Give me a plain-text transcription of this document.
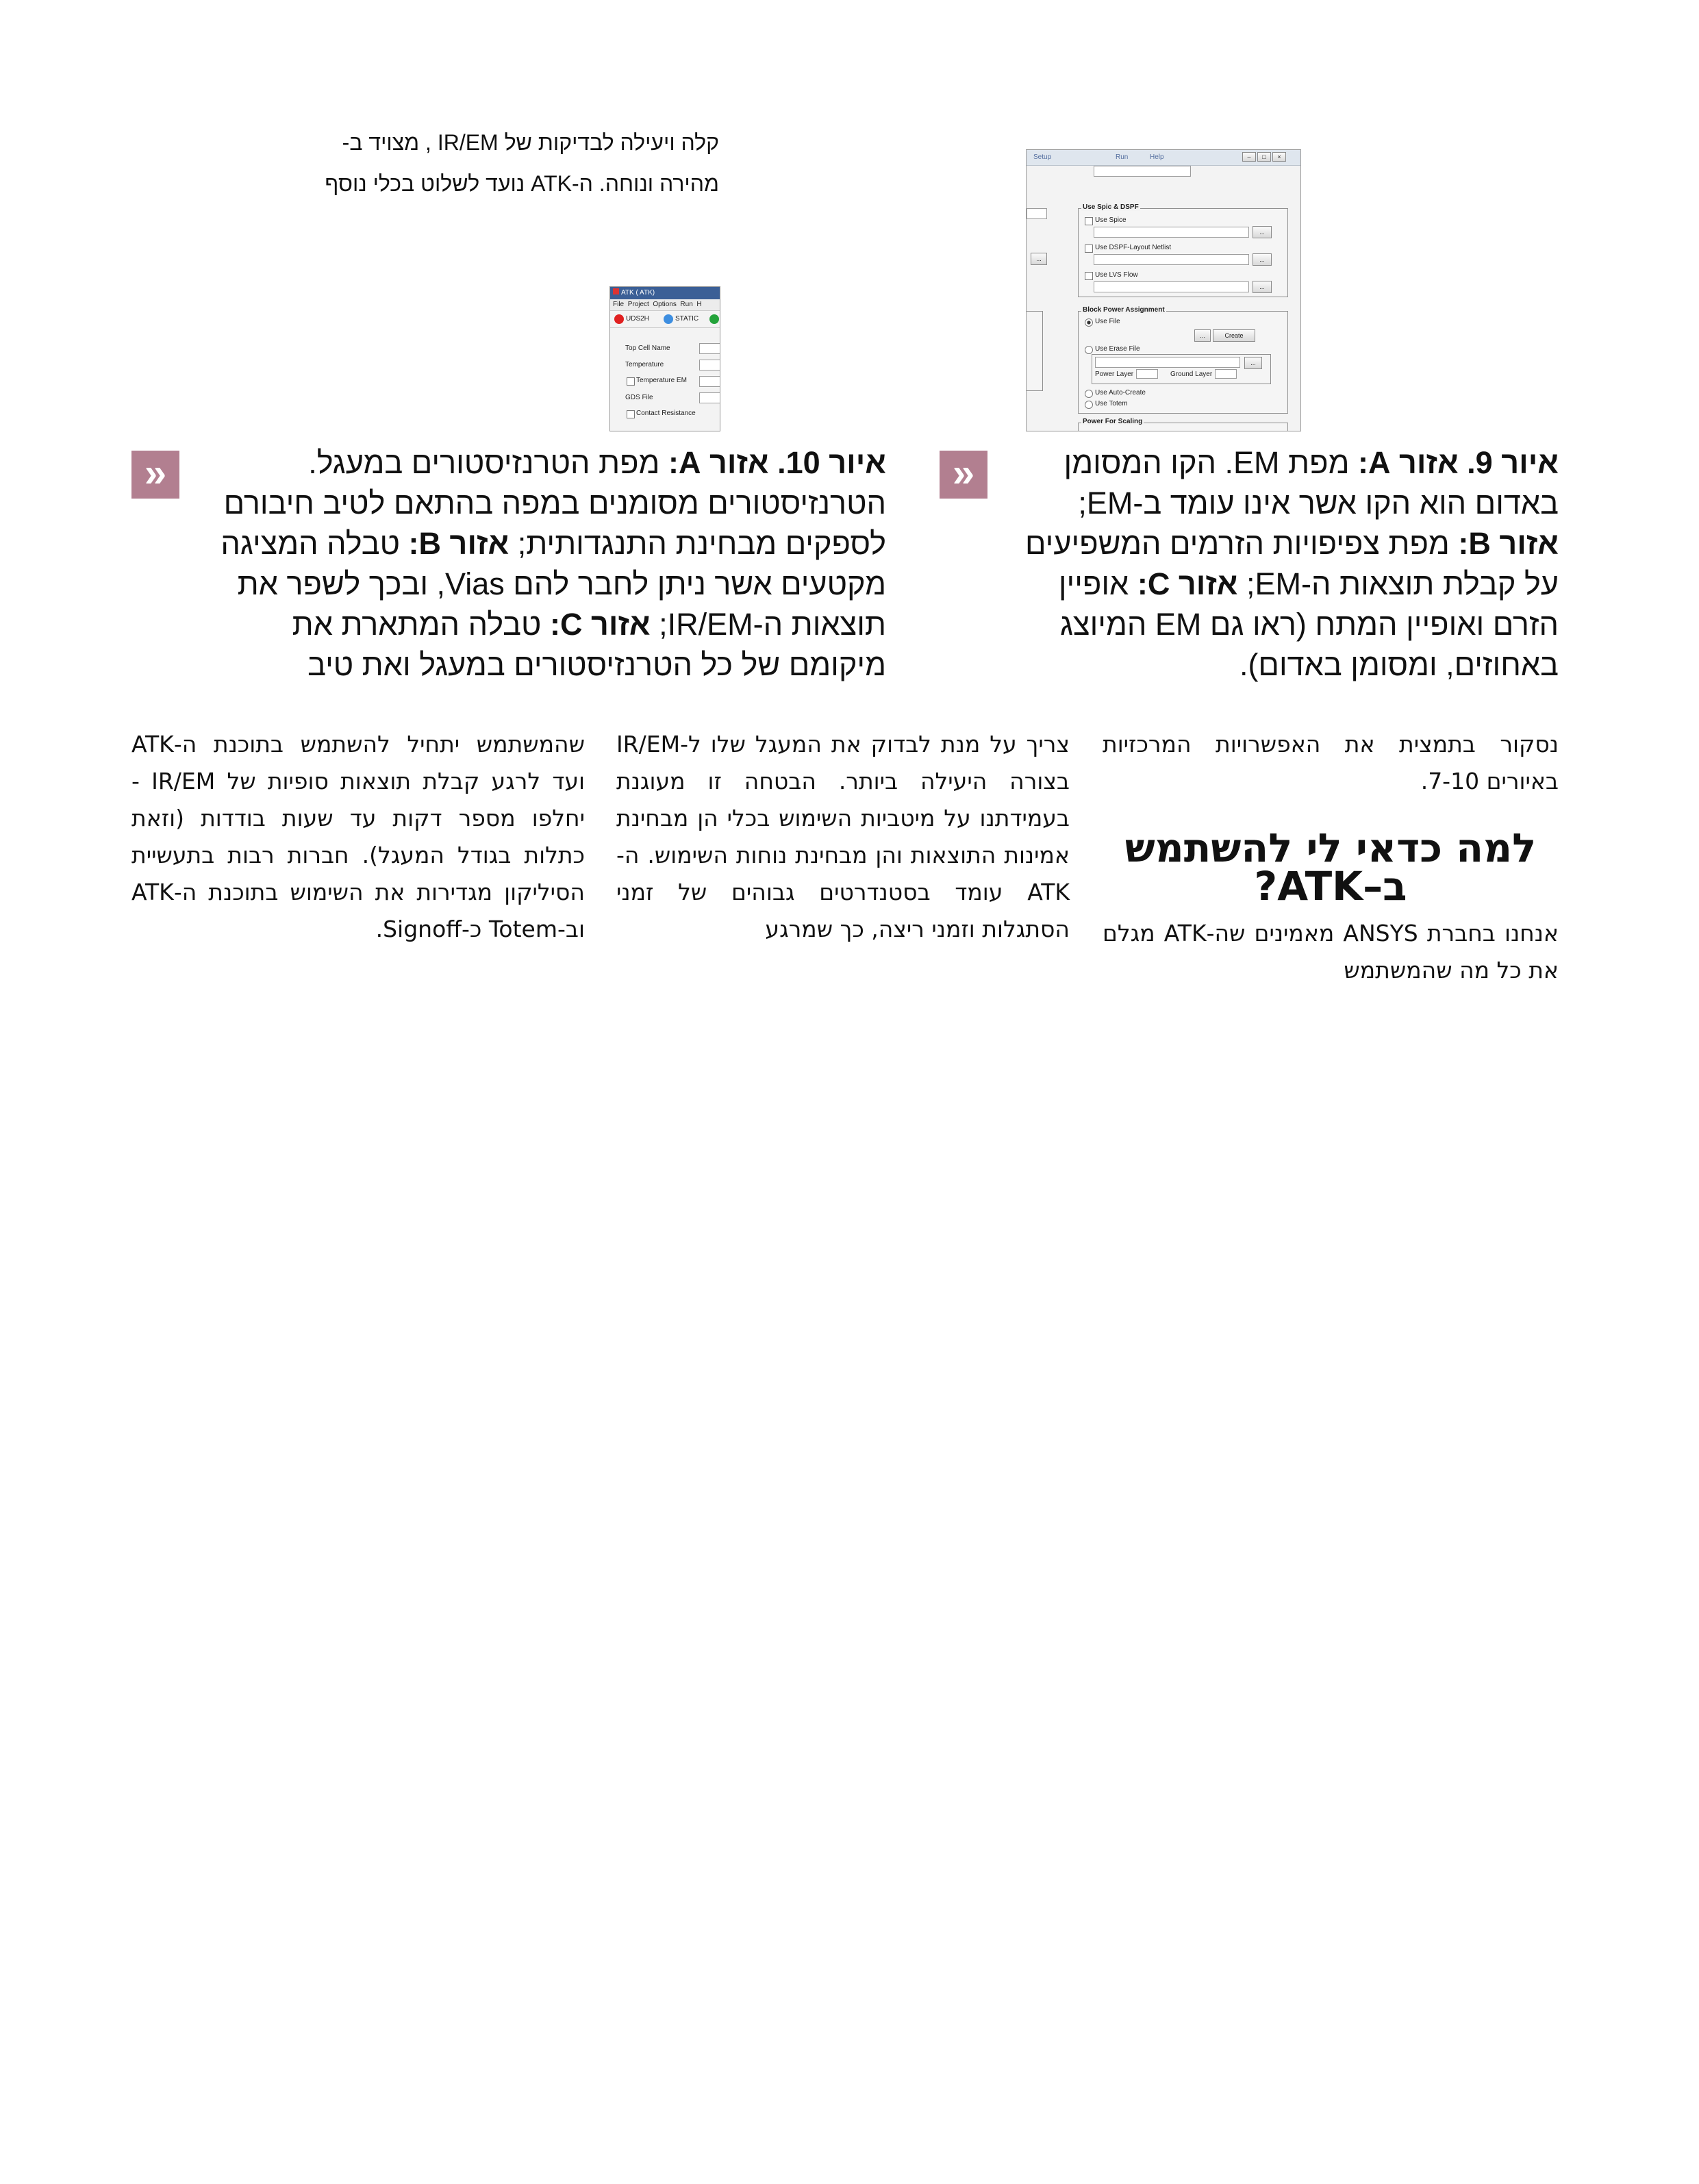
קלה ויעילה לבדיקות של IR/EM , מצויד ב-
מהירה ונוחה. ה-ATK נועד לשלוט בכלי נוסף
ATK ( ATK)
File Project Options Run H
UDS2H	STATIC
Top Cell Name
Temperature
Temperature EM
GDS File
Contact Resistance
Setup	Run	Help	–	□	×
...
Use Spic & DSPF
Use Spice
...
Use DSPF-Layout Netlist
...
Use LVS Flow
...
Block Power Assignment
Use File
...	Create
Use Erase File
...
Power Layer	Ground Layer
Use Auto-Create
Use Totem
Power For Scaling
»	איור 10. אזור A: מפת הטרנזיסטורים במעגל. הטרנזיסטורים מסומנים במפה בהתאם לטיב חיבורם לספקים מבחינת התנגדותית; אזור B: טבלה המציגה מקטעים אשר ניתן לחבר להם Vias, ובכך לשפר את תוצאות ה-IR/EM; אזור C: טבלה המתארת את מיקומם של כל הטרנזיסטורים במעגל ואת טיב
»	איור 9. אזור A: מפת EM. הקו המסומן באדום הוא הקו אשר אינו עומד ב-EM; אזור B: מפת צפיפויות הזרמים המשפיעים על קבלת תוצאות ה-EM; אזור C: אופיין הזרם ואופיין המתח (ראו גם EM המיוצג באחוזים, ומסומן באדום).
נסקור בתמצית את האפשרויות המרכזיות באיורים 7-10.
למה כדאי לי להשתמש ב–ATK?
אנחנו בחברת ANSYS מאמינים שה-ATK מגלם את כל מה שהמשתמש
צריך על מנת לבדוק את המעגל שלו ל-IR/EM בצורה היעילה ביותר. הבטחה זו מעוגנת בעמידתנו על מיטביות השימוש בכלי הן מבחינת אמינות התוצאות והן מבחינת נוחות השימוש. ה-ATK עומד בסטנדרטים גבוהים של זמני הסתגלות וזמני ריצה, כך שמרגע
שהמשתמש יתחיל להשתמש בתוכנת ה-ATK ועד לרגע קבלת תוצאות סופיות של IR/EM - יחלפו מספר דקות עד שעות בודדות (וזאת כתלות בגודל המעגל). חברות רבות בתעשיית הסיליקון מגדירות את השימוש בתוכנת ה-ATK וב-Totem כ-Signoff.
